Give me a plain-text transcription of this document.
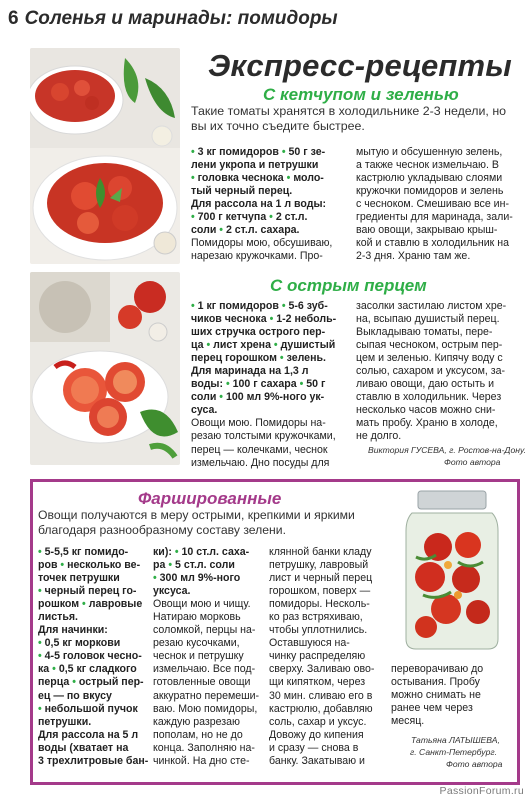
6 Соленья и маринады: помидоры
Экспресс-рецепты
С кетчупом и зеленью
Такие томаты хранятся в холодильнике 2-3 недели, но вы их точно съедите быстрее.

• 3 кг помидоров • 50 г зе-

лени укропа и петрушки

• головка чеснока • моло-

тый черный перец.

Для рассола на 1 л воды:

• 700 г кетчупа • 2 ст.л.

соли • 2 ст.л. сахара.

Помидоры мою, обсушиваю,

нарезаю кружочками. Про-

мытую и обсушенную зелень,

а также чеснок измельчаю. В

кастрюлю укладываю слоями

кружочки помидоров и зелень

с чесноком. Смешиваю все ин-

гредиенты для маринада, зали-

ваю овощи, закрываю крыш-

кой и ставлю в холодильник на

2-3 дня. Храню там же.

С острым перцем

• 1 кг помидоров • 5-6 зуб-

чиков чеснока • 1-2 неболь-

ших стручка острого пер-

ца • лист хрена • душистый

перец горошком • зелень.

Для маринада на 1,3 л

воды: • 100 г сахара • 50 г

соли • 100 мл 9%-ного ук-

суса.

Овощи мою. Помидоры на-

резаю толстыми кружочками,

перец — колечками, чеснок

измельчаю. Дно посуды для

засолки застилаю листом хре-

на, всыпаю душистый перец.

Выкладываю томаты, пере-

сыпая чесноком, острым пер-

цем и зеленью. Кипячу воду с

солью, сахаром и уксусом, за-

ливаю овощи, даю остыть и

ставлю в холодильник. Через

несколько часов можно сни-

мать пробу. Храню в холоде,

не долго.

Виктория ГУСЕВА, г. Ростов-на-Дону.
Фото автора
Фаршированные
Овощи получаются в меру острыми, крепкими и яркими благодаря разнообразному составу зелени.

• 5-5,5 кг помидо-

ров • несколько ве-

точек петрушки

• черный перец го-

рошком • лавровые

листья.

Для начинки:

• 0,5 кг моркови

• 4-5 головок чесно-

ка • 0,5 кг сладкого

перца • острый пер-

ец — по вкусу

• небольшой пучок

петрушки.

Для рассола на 5 л

воды (хватает на

3 трехлитровые бан-

ки): • 10 ст.л. саха-

ра • 5 ст.л. соли

• 300 мл 9%-ного

уксуса.

Овощи мою и чищу.

Натираю морковь

соломкой, перцы на-

резаю кусочками,

чеснок и петрушку

измельчаю. Все под-

готовленные овощи

аккуратно перемеши-

ваю. Мою помидоры,

каждую разрезаю

пополам, но не до

конца. Заполняю на-

чинкой. На дно сте-

клянной банки кладу

петрушку, лавровый

лист и черный перец

горошком, поверх —

помидоры. Несколь-

ко раз встряхиваю,

чтобы уплотнились.

Оставшуюся на-

чинку распределяю

сверху. Заливаю ово-

щи кипятком, через

30 мин. сливаю его в

кастрюлю, добавляю

соль, сахар и уксус.

Довожу до кипения

и сразу — снова в

банку. Закатываю и

переворачиваю до

остывания. Пробу

можно снимать не

ранее чем через

месяц.

Татьяна ЛАТЫШЕВА,
г. Санкт-Петербург.
Фото автора
PassionForum.ru
